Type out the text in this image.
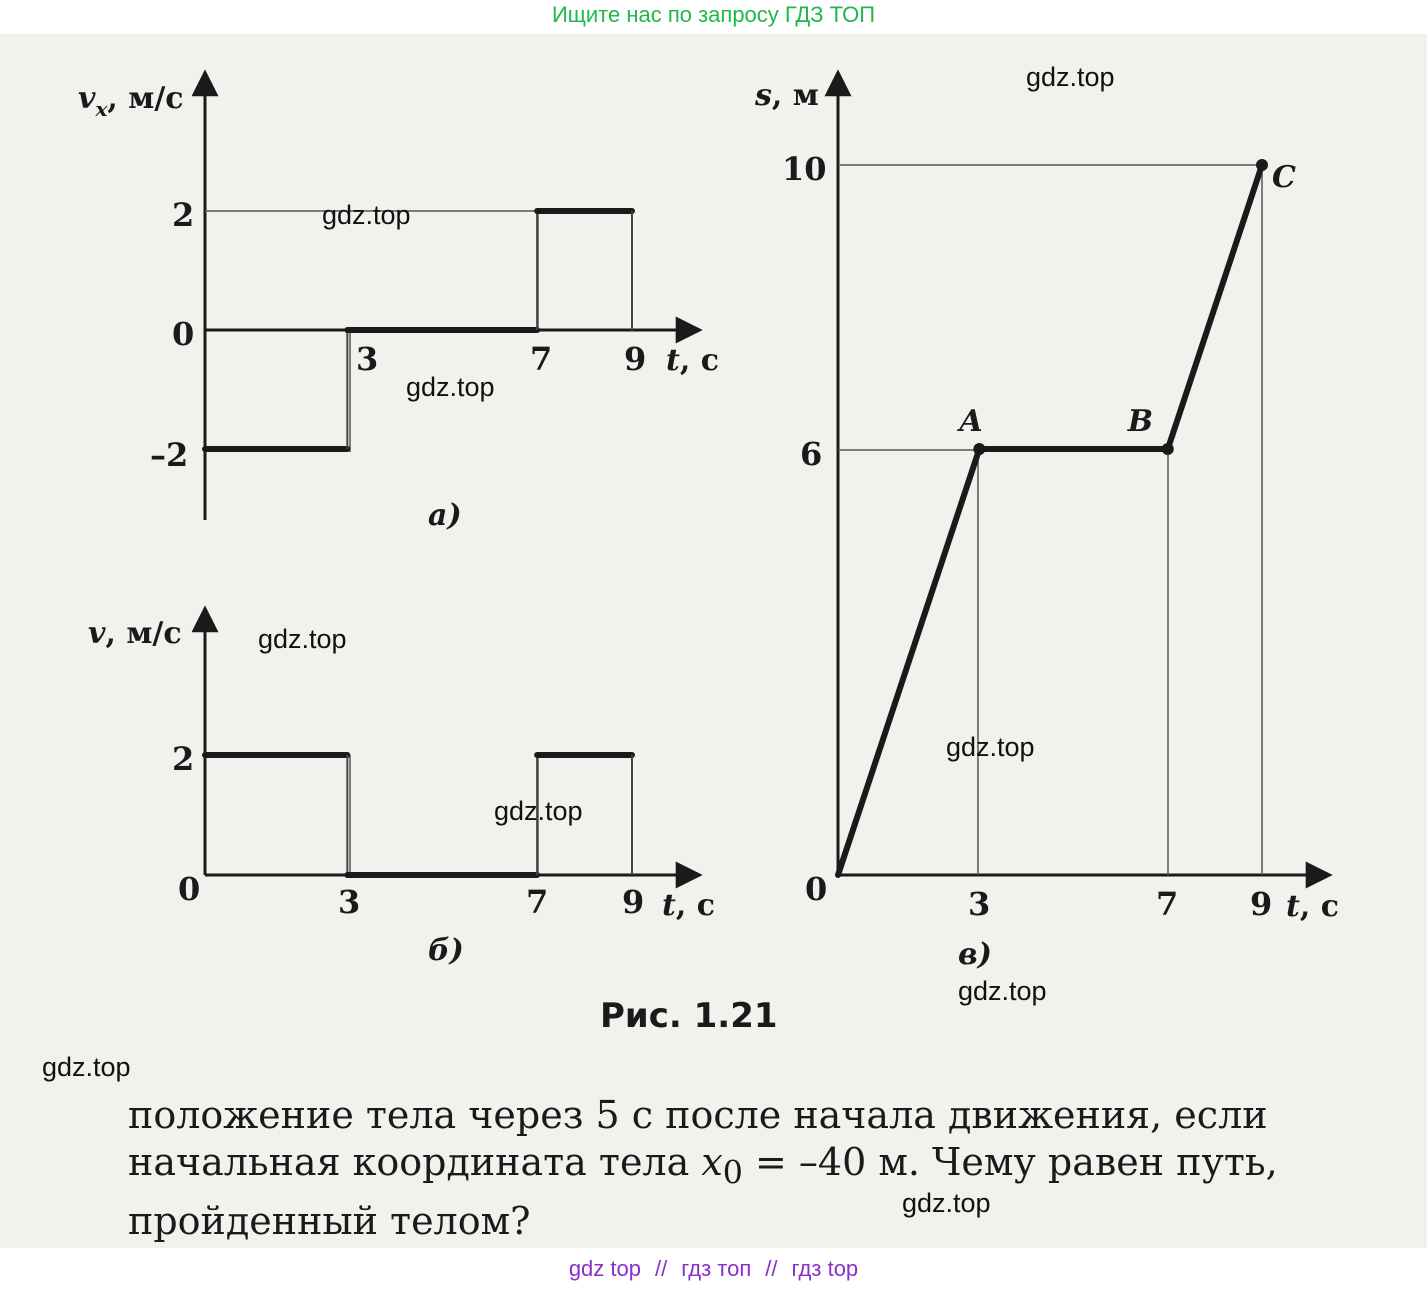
Ищите нас по запросу ГДЗ ТОП
$v_x$, м/с
t, с
0
3	7 9
2
–2
а)
v, м/с
t, с
0	3	7 9
2
б)
A	B
C
s, м
t, с
0	3	7 9
10
6
в)
Рис. 1.21

положение тела через 5 с после начала движения, если
начальная координата тела $x_0 = -40$ м. Чему равен путь,
пройденный телом?

gdz.top
gdz.top
gdz.top
gdz.top
gdz.top
gdz.top
gdz.top
gdz.top
gdz.top
gdz top // гдз топ // гдз top
